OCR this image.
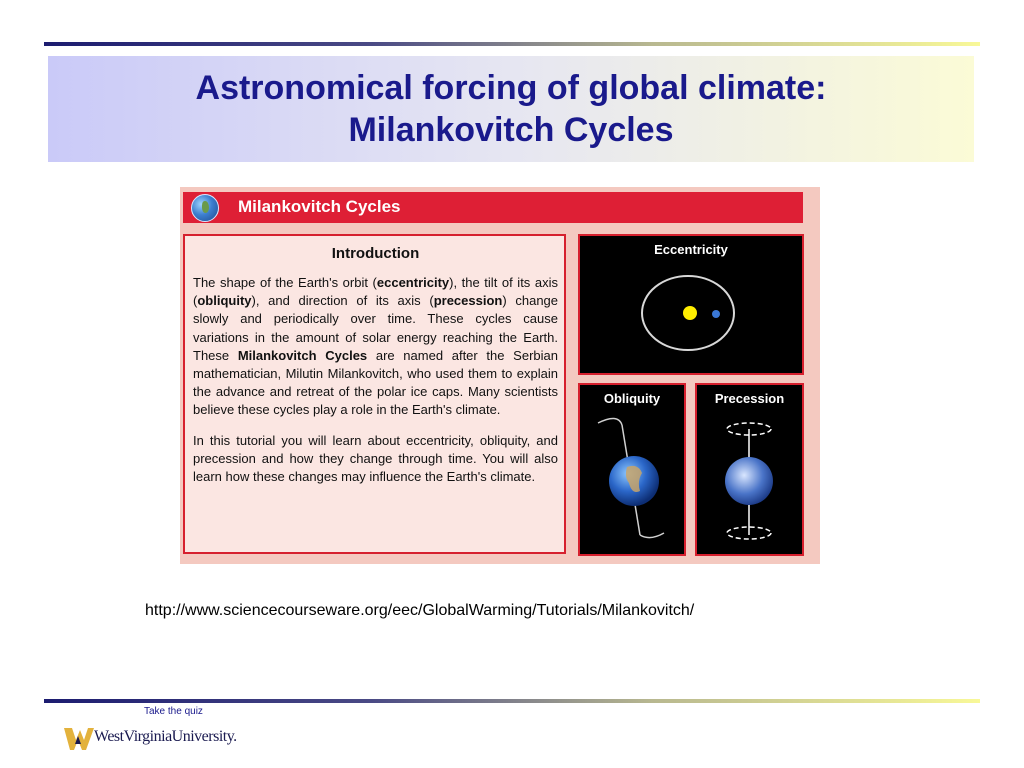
Astronomical forcing of global climate:
Milankovitch Cycles
Milankovitch Cycles
Introduction

The shape of the Earth's orbit (eccentricity), the tilt of its axis (obliquity), and direction of its axis (precession) change slowly and periodically over time. These cycles cause variations in the amount of solar energy reaching the Earth. These Milankovitch Cycles are named after the Serbian mathematician, Milutin Milankovitch, who used them to explain the advance and retreat of the polar ice caps. Many scientists believe these cycles play a role in the Earth's climate.

In this tutorial you will learn about eccentricity, obliquity, and precession and how they change through time. You will also learn how these changes may influence the Earth's climate.

Eccentricity
Obliquity	Precession
http://www.sciencecourseware.org/eec/GlobalWarming/Tutorials/Milankovitch/
Take the quiz
WestVirginiaUniversity.
